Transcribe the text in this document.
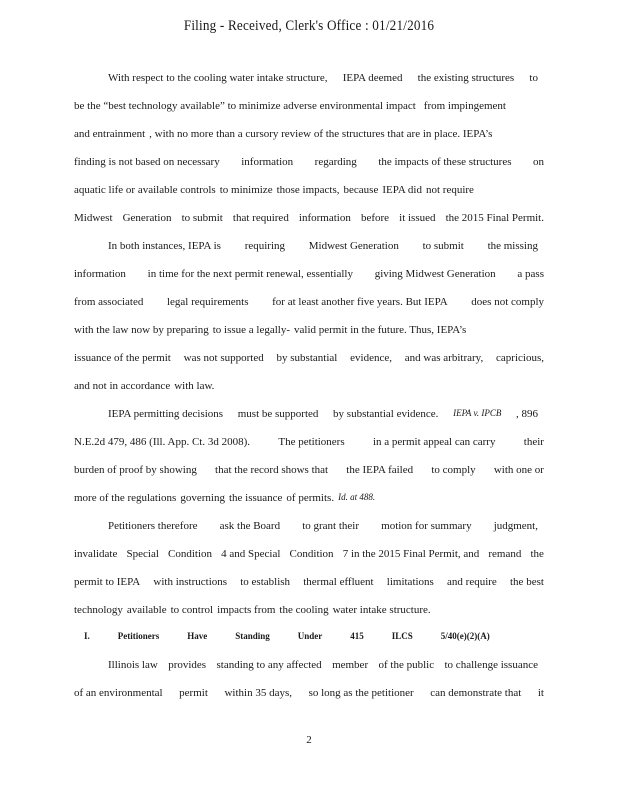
Filing - Received, Clerk's Office : 01/21/2016
With respect to the cooling water intake structure, IEPA deemed the existing structures to
be the “best technology available” to minimize adverse environmental impact from impingement
and entrainment , with no more than a cursory review of the structures that are in place. IEPA’s
finding is not based on necessary information regarding the impacts of these structures on
aquatic life or available controls to minimize those impacts, because IEPA did not require
Midwest Generation to submit that required information before it issued the 2015 Final Permit.
In both instances, IEPA is requiring Midwest Generation to submit the missing
information in time for the next permit renewal, essentially giving Midwest Generation a pass
from associated legal requirements for at least another five years. But IEPA does not comply
with the law now by preparing to issue a legally- valid permit in the future. Thus, IEPA’s
issuance of the permit was not supported by substantial evidence, and was arbitrary, capricious,
and not in accordance with law.
IEPA permitting decisions must be supported by substantial evidence. IEPA v. IPCB , 896
N.E.2d 479, 486 (Ill. App. Ct. 3d 2008).	The petitioners	in a permit appeal can carry	their
burden of proof by showing that the record shows that the IEPA failed to comply with one or
more of the regulations governing the issuance of permits. Id. at 488.
Petitioners therefore ask the Board to grant their motion for summary judgment,
invalidate Special Condition 4 and Special Condition 7 in the 2015 Final Permit, and remand the
permit to IEPA with instructions to establish thermal effluent limitations and require the best
technology available to control impacts from the cooling water intake structure.
Illinois law provides standing to any affected member of the public to challenge issuance
of an environmental permit within 35 days, so long as the petitioner can demonstrate that it
I.	Petitioners	Have	Standing	Under	415	ILCS	5/40(e)(2)(A)
2
